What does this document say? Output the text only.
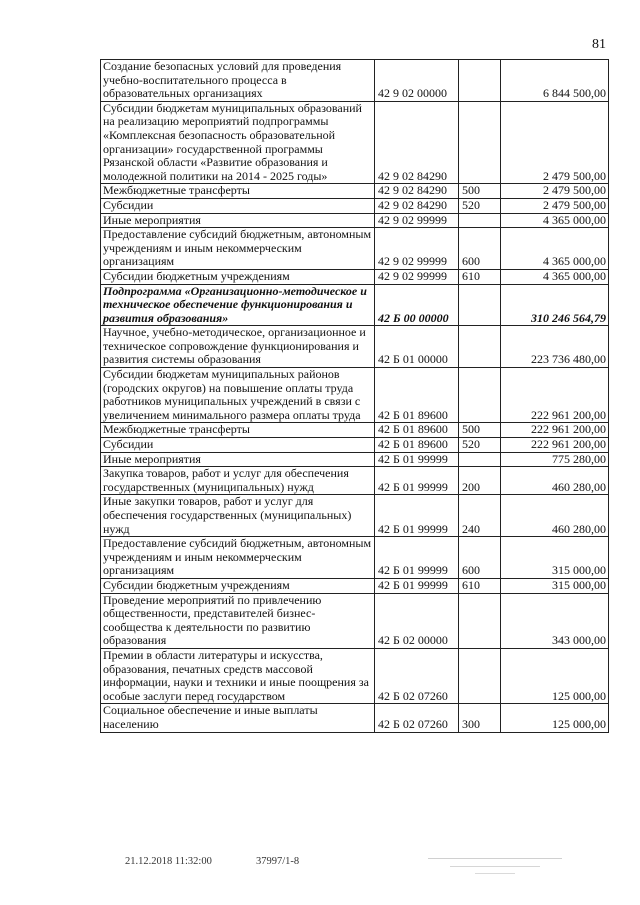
81
Создание безопасных условий для проведения учебно-воспитательного процесса в образовательных организациях	42 9 02 00000		6 844 500,00
Субсидии бюджетам муниципальных образований на реализацию мероприятий подпрограммы «Комплексная безопасность образовательной организации» государственной программы Рязанской области «Развитие образования и молодежной политики на 2014 - 2025 годы»	42 9 02 84290		2 479 500,00
Межбюджетные трансферты	42 9 02 84290	500	2 479 500,00
Субсидии	42 9 02 84290	520	2 479 500,00
Иные мероприятия	42 9 02 99999		4 365 000,00
Предоставление субсидий бюджетным, автономным учреждениям и иным некоммерческим организациям	42 9 02 99999	600	4 365 000,00
Субсидии бюджетным учреждениям	42 9 02 99999	610	4 365 000,00
Подпрограмма «Организационно-методическое и техническое обеспечение функционирования и развития образования»	42 Б 00 00000		310 246 564,79
Научное, учебно-методическое, организационное и техническое сопровождение функционирования и развития системы образования	42 Б 01 00000		223 736 480,00
Субсидии бюджетам муниципальных районов (городских округов) на повышение оплаты труда работников муниципальных учреждений в связи с увеличением минимального размера оплаты труда	42 Б 01 89600		222 961 200,00
Межбюджетные трансферты	42 Б 01 89600	500	222 961 200,00
Субсидии	42 Б 01 89600	520	222 961 200,00
Иные мероприятия	42 Б 01 99999		775 280,00
Закупка товаров, работ и услуг для обеспечения государственных (муниципальных) нужд	42 Б 01 99999	200	460 280,00
Иные закупки товаров, работ и услуг для обеспечения государственных (муниципальных) нужд	42 Б 01 99999	240	460 280,00
Предоставление субсидий бюджетным, автономным учреждениям и иным некоммерческим организациям	42 Б 01 99999	600	315 000,00
Субсидии бюджетным учреждениям	42 Б 01 99999	610	315 000,00
Проведение мероприятий по привлечению общественности, представителей бизнес-сообщества к деятельности по развитию образования	42 Б 02 00000		343 000,00
Премии в области литературы и искусства, образования, печатных средств массовой информации, науки и техники и иные поощрения за особые заслуги перед государством	42 Б 02 07260		125 000,00
Социальное обеспечение и иные выплаты населению	42 Б 02 07260	300	125 000,00
21.12.2018 11:32:00	37997/1-8
